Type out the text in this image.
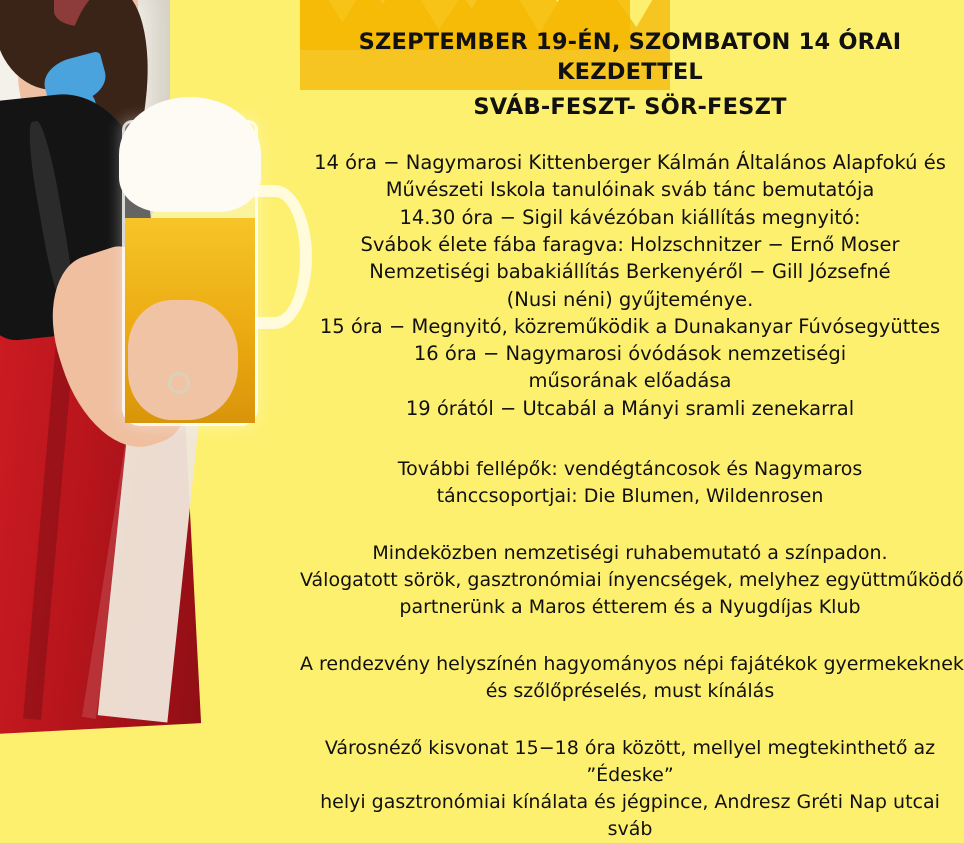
SZEPTEMBER 19-ÉN, SZOMBATON 14 ÓRAI KEZDETTEL
SVÁB-FESZT- SÖR-FESZT
14 óra − Nagymarosi Kittenberger Kálmán Általános Alapfokú és
Művészeti Iskola tanulóinak sváb tánc bemutatója
14.30 óra − Sigil kávézóban kiállítás megnyitó:
Svábok élete fába faragva: Holzschnitzer − Ernő Moser
Nemzetiségi babakiállítás Berkenyéről − Gill Józsefné
(Nusi néni) gyűjteménye.
15 óra − Megnyitó, közreműködik a Dunakanyar Fúvósegyüttes
16 óra − Nagymarosi óvódások nemzetiségi
műsorának előadása
19 órától − Utcabál a Mányi sramli zenekarral
További fellépők: vendégtáncosok és Nagymaros
tánccsoportjai: Die Blumen, Wildenrosen
Mindeközben nemzetiségi ruhabemutató a színpadon.
Válogatott sörök, gasztronómiai ínyencségek, melyhez együttműködő
partnerünk a Maros étterem és a Nyugdíjas Klub
A rendezvény helyszínén hagyományos népi fajátékok gyermekeknek
és szőlőpréselés, must kínálás
Városnéző kisvonat 15−18 óra között, mellyel megtekinthető az ”Édeske”
helyi gasztronómiai kínálata és jégpince, Andresz Gréti Nap utcai sváb
